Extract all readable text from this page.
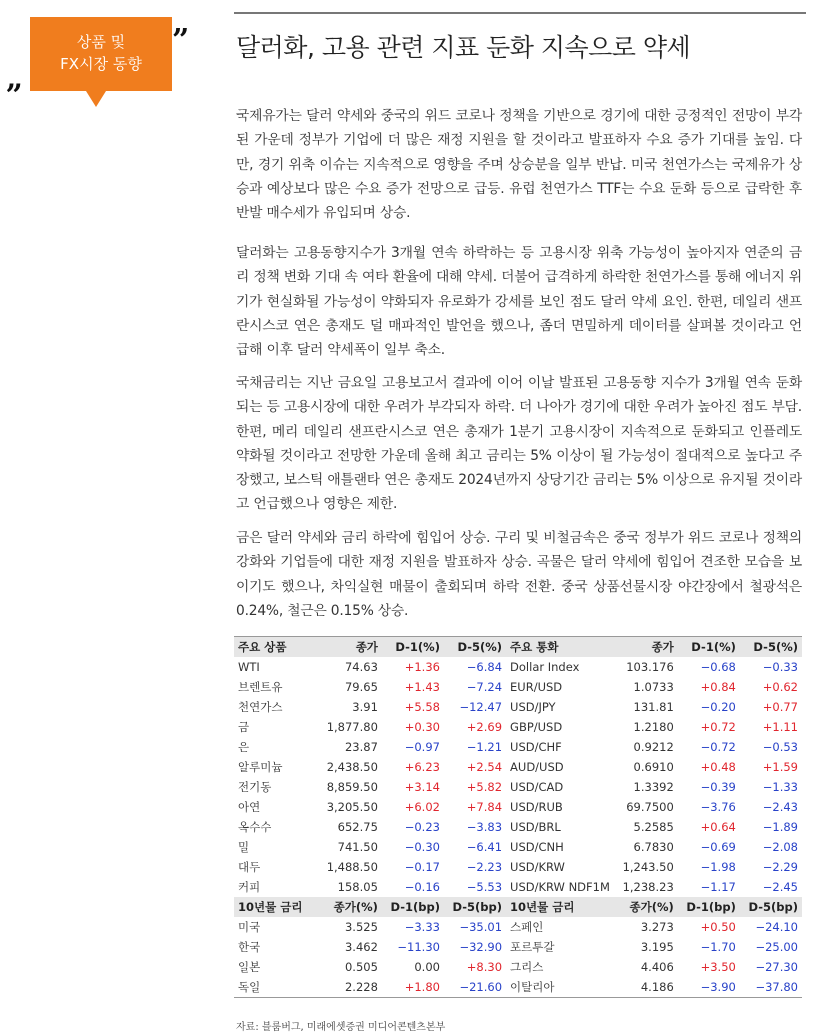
상품 및
FX시장 동향
”
„
달러화, 고용 관련 지표 둔화 지속으로 약세
국제유가는 달러 약세와 중국의 위드 코로나 정책을 기반으로 경기에 대한 긍정적인 전망이 부각된 가운데 정부가 기업에 더 많은 재정 지원을 할 것이라고 발표하자 수요 증가 기대를 높임. 다만, 경기 위축 이슈는 지속적으로 영향을 주며 상승분을 일부 반납. 미국 천연가스는 국제유가 상승과 예상보다 많은 수요 증가 전망으로 급등. 유럽 천연가스 TTF는 수요 둔화 등으로 급락한 후 반발 매수세가 유입되며 상승.
달러화는 고용동향지수가 3개월 연속 하락하는 등 고용시장 위축 가능성이 높아지자 연준의 금리 정책 변화 기대 속 여타 환율에 대해 약세. 더불어 급격하게 하락한 천연가스를 통해 에너지 위기가 현실화될 가능성이 약화되자 유로화가 강세를 보인 점도 달러 약세 요인. 한편, 데일리 샌프란시스코 연은 총재도 덜 매파적인 발언을 했으나, 좀더 면밀하게 데이터를 살펴볼 것이라고 언급해 이후 달러 약세폭이 일부 축소.
국채금리는 지난 금요일 고용보고서 결과에 이어 이날 발표된 고용동향 지수가 3개월 연속 둔화되는 등 고용시장에 대한 우려가 부각되자 하락. 더 나아가 경기에 대한 우려가 높아진 점도 부담. 한편, 메리 데일리 샌프란시스코 연은 총재가 1분기 고용시장이 지속적으로 둔화되고 인플레도 약화될 것이라고 전망한 가운데 올해 최고 금리는 5% 이상이 될 가능성이 절대적으로 높다고 주장했고, 보스틱 애틀랜타 연은 총재도 2024년까지 상당기간 금리는 5% 이상으로 유지될 것이라고 언급했으나 영향은 제한.
금은 달러 약세와 금리 하락에 힘입어 상승. 구리 및 비철금속은 중국 정부가 위드 코로나 정책의 강화와 기업들에 대한 재정 지원을 발표하자 상승. 곡물은 달러 약세에 힘입어 견조한 모습을 보이기도 했으나, 차익실현 매물이 출회되며 하락 전환. 중국 상품선물시장 야간장에서 철광석은 0.24%, 철근은 0.15% 상승.
주요 상품	종가	D-1(%)	D-5(%)	주요 통화	종가	D-1(%)	D-5(%)
WTI	74.63	+1.36	−6.84	Dollar Index	103.176	−0.68	−0.33
브렌트유	79.65	+1.43	−7.24	EUR/USD	1.0733	+0.84	+0.62
천연가스	3.91	+5.58	−12.47	USD/JPY	131.81	−0.20	+0.77
금	1,877.80	+0.30	+2.69	GBP/USD	1.2180	+0.72	+1.11
은	23.87	−0.97	−1.21	USD/CHF	0.9212	−0.72	−0.53
알루미늄	2,438.50	+6.23	+2.54	AUD/USD	0.6910	+0.48	+1.59
전기동	8,859.50	+3.14	+5.82	USD/CAD	1.3392	−0.39	−1.33
아연	3,205.50	+6.02	+7.84	USD/RUB	69.7500	−3.76	−2.43
옥수수	652.75	−0.23	−3.83	USD/BRL	5.2585	+0.64	−1.89
밀	741.50	−0.30	−6.41	USD/CNH	6.7830	−0.69	−2.08
대두	1,488.50	−0.17	−2.23	USD/KRW	1,243.50	−1.98	−2.29
커피	158.05	−0.16	−5.53	USD/KRW NDF1M	1,238.23	−1.17	−2.45
10년물 금리	종가(%)	D-1(bp)	D-5(bp)	10년물 금리	종가(%)	D-1(bp)	D-5(bp)
미국	3.525	−3.33	−35.01	스페인	3.273	+0.50	−24.10
한국	3.462	−11.30	−32.90	포르투갈	3.195	−1.70	−25.00
일본	0.505	0.00	+8.30	그리스	4.406	+3.50	−27.30
독일	2.228	+1.80	−21.60	이탈리아	4.186	−3.90	−37.80
자료: 블룸버그, 미래에셋증권 미디어콘텐츠본부
